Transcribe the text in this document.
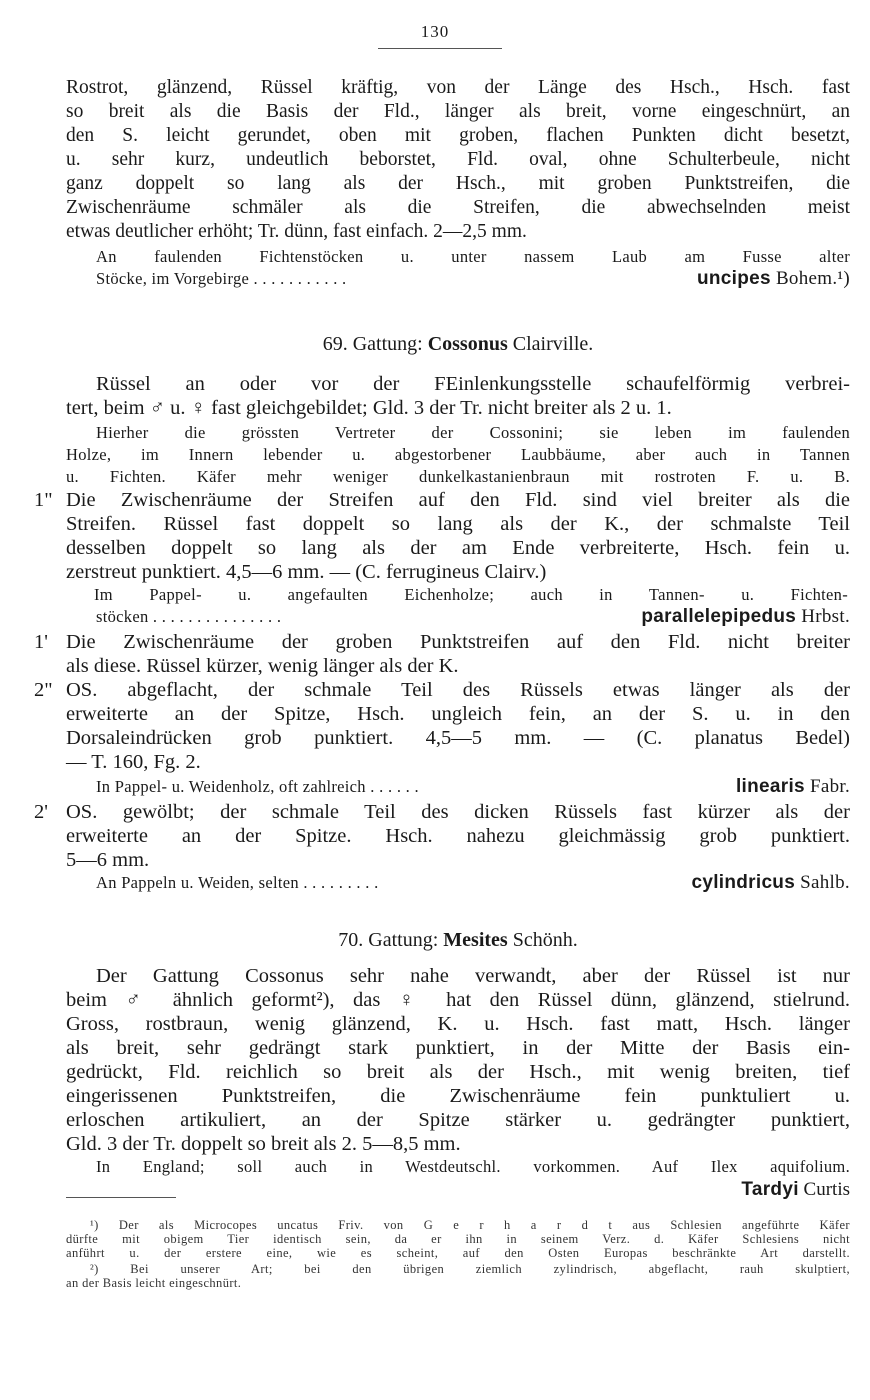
130
Rostrot, glänzend, Rüssel kräftig, von der Länge des Hsch., Hsch. fast
so breit als die Basis der Fld., länger als breit, vorne eingeschnürt, an
den S. leicht gerundet, oben mit groben, flachen Punkten dicht besetzt,
u. sehr kurz, undeutlich beborstet, Fld. oval, ohne Schulterbeule, nicht
ganz doppelt so lang als der Hsch., mit groben Punktstreifen, die
Zwischenräume schmäler als die Streifen, die abwechselnden meist
etwas deutlicher erhöht; Tr. dünn, fast einfach. 2—2,5 mm.
An faulenden Fichtenstöcken u. unter nassem Laub am Fusse alter
Stöcke, im Vorgebirge . . . . . . . . . . .	uncipes Bohem.¹)
69. Gattung: Cossonus Clairville.
Rüssel an oder vor der FEinlenkungsstelle schaufelförmig verbrei-
tert, beim ♂ u. ♀ fast gleichgebildet; Gld. 3 der Tr. nicht breiter als 2 u. 1.
Hierher die grössten Vertreter der Cossonini; sie leben im faulenden
Holze, im Innern lebender u. abgestorbener Laubbäume, aber auch in Tannen
u. Fichten. Käfer mehr weniger dunkelkastanienbraun mit rostroten F. u. B.
1" Die Zwischenräume der Streifen auf den Fld. sind viel breiter als die
Streifen. Rüssel fast doppelt so lang als der K., der schmalste Teil
desselben doppelt so lang als der am Ende verbreiterte, Hsch. fein u.
zerstreut punktiert. 4,5—6 mm. — (C. ferrugineus Clairv.)
Im Pappel- u. angefaulten Eichenholze; auch in Tannen- u. Fichten-
stöcken . . . . . . . . . . . . . . .	parallelepipedus Hrbst.
1' Die Zwischenräume der groben Punktstreifen auf den Fld. nicht breiter
als diese. Rüssel kürzer, wenig länger als der K.
2" OS. abgeflacht, der schmale Teil des Rüssels etwas länger als der
erweiterte an der Spitze, Hsch. ungleich fein, an der S. u. in den
Dorsaleindrücken grob punktiert. 4,5—5 mm. — (C. planatus Bedel)
— T. 160, Fg. 2.
In Pappel- u. Weidenholz, oft zahlreich . . . . . .	linearis Fabr.
2' OS. gewölbt; der schmale Teil des dicken Rüssels fast kürzer als der
erweiterte an der Spitze. Hsch. nahezu gleichmässig grob punktiert.
5—6 mm.
An Pappeln u. Weiden, selten . . . . . . . . .	cylindricus Sahlb.
70. Gattung: Mesites Schönh.
Der Gattung Cossonus sehr nahe verwandt, aber der Rüssel ist nur
beim ♂ ähnlich geformt²), das ♀ hat den Rüssel dünn, glänzend, stielrund.
Gross, rostbraun, wenig glänzend, K. u. Hsch. fast matt, Hsch. länger
als breit, sehr gedrängt stark punktiert, in der Mitte der Basis ein-
gedrückt, Fld. reichlich so breit als der Hsch., mit wenig breiten, tief
eingerissenen Punktstreifen, die Zwischenräume fein punktuliert u.
erloschen artikuliert, an der Spitze stärker u. gedrängter punktiert,
Gld. 3 der Tr. doppelt so breit als 2. 5—8,5 mm.
In England; soll auch in Westdeutschl. vorkommen. Auf Ilex aquifolium.
Tardyi Curtis
¹) Der als Microcopes uncatus Friv. von G e r h a r d t aus Schlesien angeführte Käfer
dürfte mit obigem Tier identisch sein, da er ihn in seinem Verz. d. Käfer Schlesiens nicht
anführt u. der erstere eine, wie es scheint, auf den Osten Europas beschränkte Art darstellt.
²) Bei unserer Art; bei den übrigen ziemlich zylindrisch, abgeflacht, rauh skulptiert,
an der Basis leicht eingeschnürt.
